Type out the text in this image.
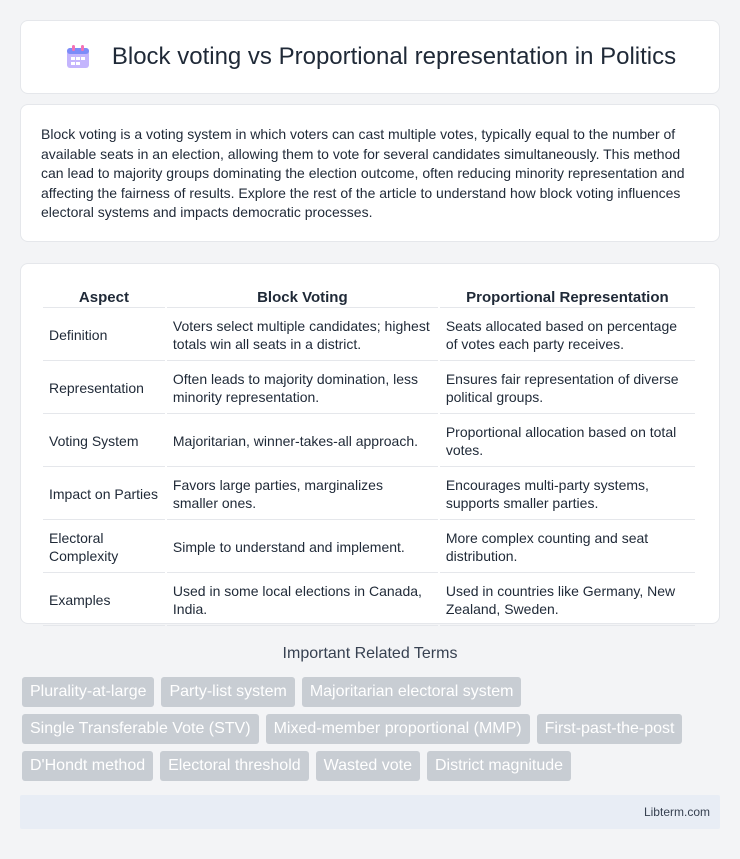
Block voting vs Proportional representation in Politics

Block voting is a voting system in which voters can cast multiple votes, typically equal to the number of available seats in an election, allowing them to vote for several candidates simultaneously. This method can lead to majority groups dominating the election outcome, often reducing minority representation and affecting the fairness of results. Explore the rest of the article to understand how block voting influences electoral systems and impacts democratic processes.

Aspect	Block Voting	Proportional Representation
Definition	Voters select multiple candidates; highest totals win all seats in a district.	Seats allocated based on percentage of votes each party receives.
Representation	Often leads to majority domination, less minority representation.	Ensures fair representation of diverse political groups.
Voting System	Majoritarian, winner-takes-all approach.	Proportional allocation based on total votes.
Impact on Parties	Favors large parties, marginalizes smaller ones.	Encourages multi-party systems, supports smaller parties.
Electoral Complexity	Simple to understand and implement.	More complex counting and seat distribution.
Examples	Used in some local elections in Canada, India.	Used in countries like Germany, New Zealand, Sweden.
Important Related Terms
Plurality-at-large	Party-list system	Majoritarian electoral system
Single Transferable Vote (STV)	Mixed-member proportional (MMP)	First-past-the-post
D'Hondt method	Electoral threshold	Wasted vote	District magnitude
Libterm.com
